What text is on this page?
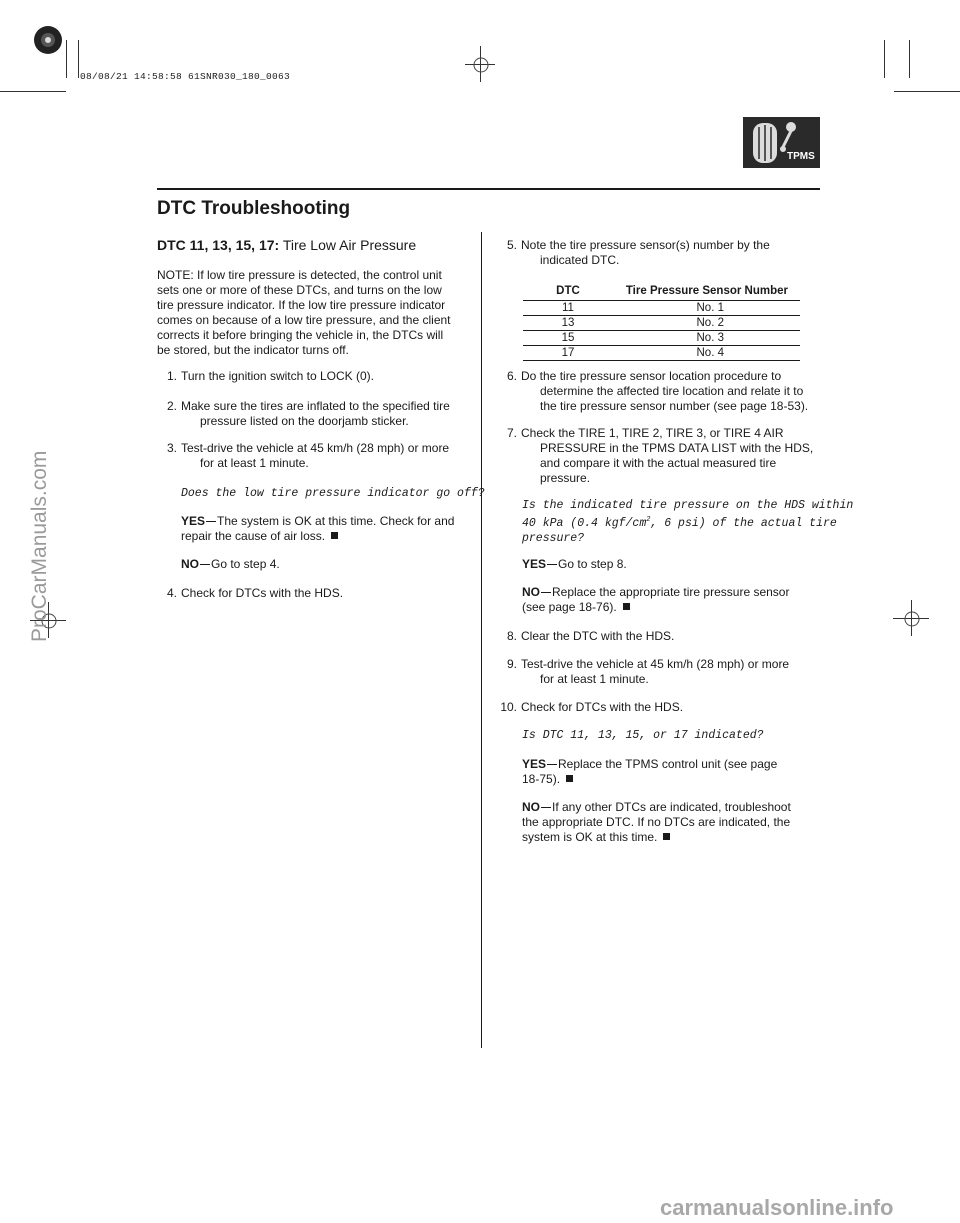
08/08/21 14:58:58 61SNR030_180_0063
TPMS
DTC Troubleshooting
DTC 11, 13, 15, 17: Tire Low Air Pressure
NOTE: If low tire pressure is detected, the control unit
sets one or more of these DTCs, and turns on the low
tire pressure indicator. If the low tire pressure indicator
comes on because of a low tire pressure, and the client
corrects it before bringing the vehicle in, the DTCs will
be stored, but the indicator turns off.
1. Turn the ignition switch to LOCK (0).
2. Make sure the tires are inflated to the specified tire
pressure listed on the doorjamb sticker.
3. Test-drive the vehicle at 45 km/h (28 mph) or more
for at least 1 minute.
Does the low tire pressure indicator go off?
YES The system is OK at this time. Check for and
repair the cause of air loss.
NO Go to step 4.
4. Check for DTCs with the HDS.
5. Note the tire pressure sensor(s) number by the
indicated DTC.
DTC	Tire Pressure Sensor Number
11	No. 1
13	No. 2
15	No. 3
17	No. 4
6. Do the tire pressure sensor location procedure to
determine the affected tire location and relate it to
the tire pressure sensor number (see page 18-53).
7. Check the TIRE 1, TIRE 2, TIRE 3, or TIRE 4 AIR
PRESSURE in the TPMS DATA LIST with the HDS,
and compare it with the actual measured tire
pressure.
Is the indicated tire pressure on the HDS within
40 kPa (0.4 kgf/$cm^2$, 6 psi) of the actual tire
pressure?
YES Go to step 8.
NO Replace the appropriate tire pressure sensor
(see page 18-76).
8. Clear the DTC with the HDS.
9. Test-drive the vehicle at 45 km/h (28 mph) or more
for at least 1 minute.
10. Check for DTCs with the HDS.
Is DTC 11, 13, 15, or 17 indicated?
YES Replace the TPMS control unit (see page
18-75).
NO If any other DTCs are indicated, troubleshoot
the appropriate DTC. If no DTCs are indicated, the
system is OK at this time.
ProCarManuals.com
carmanualsonline.info
